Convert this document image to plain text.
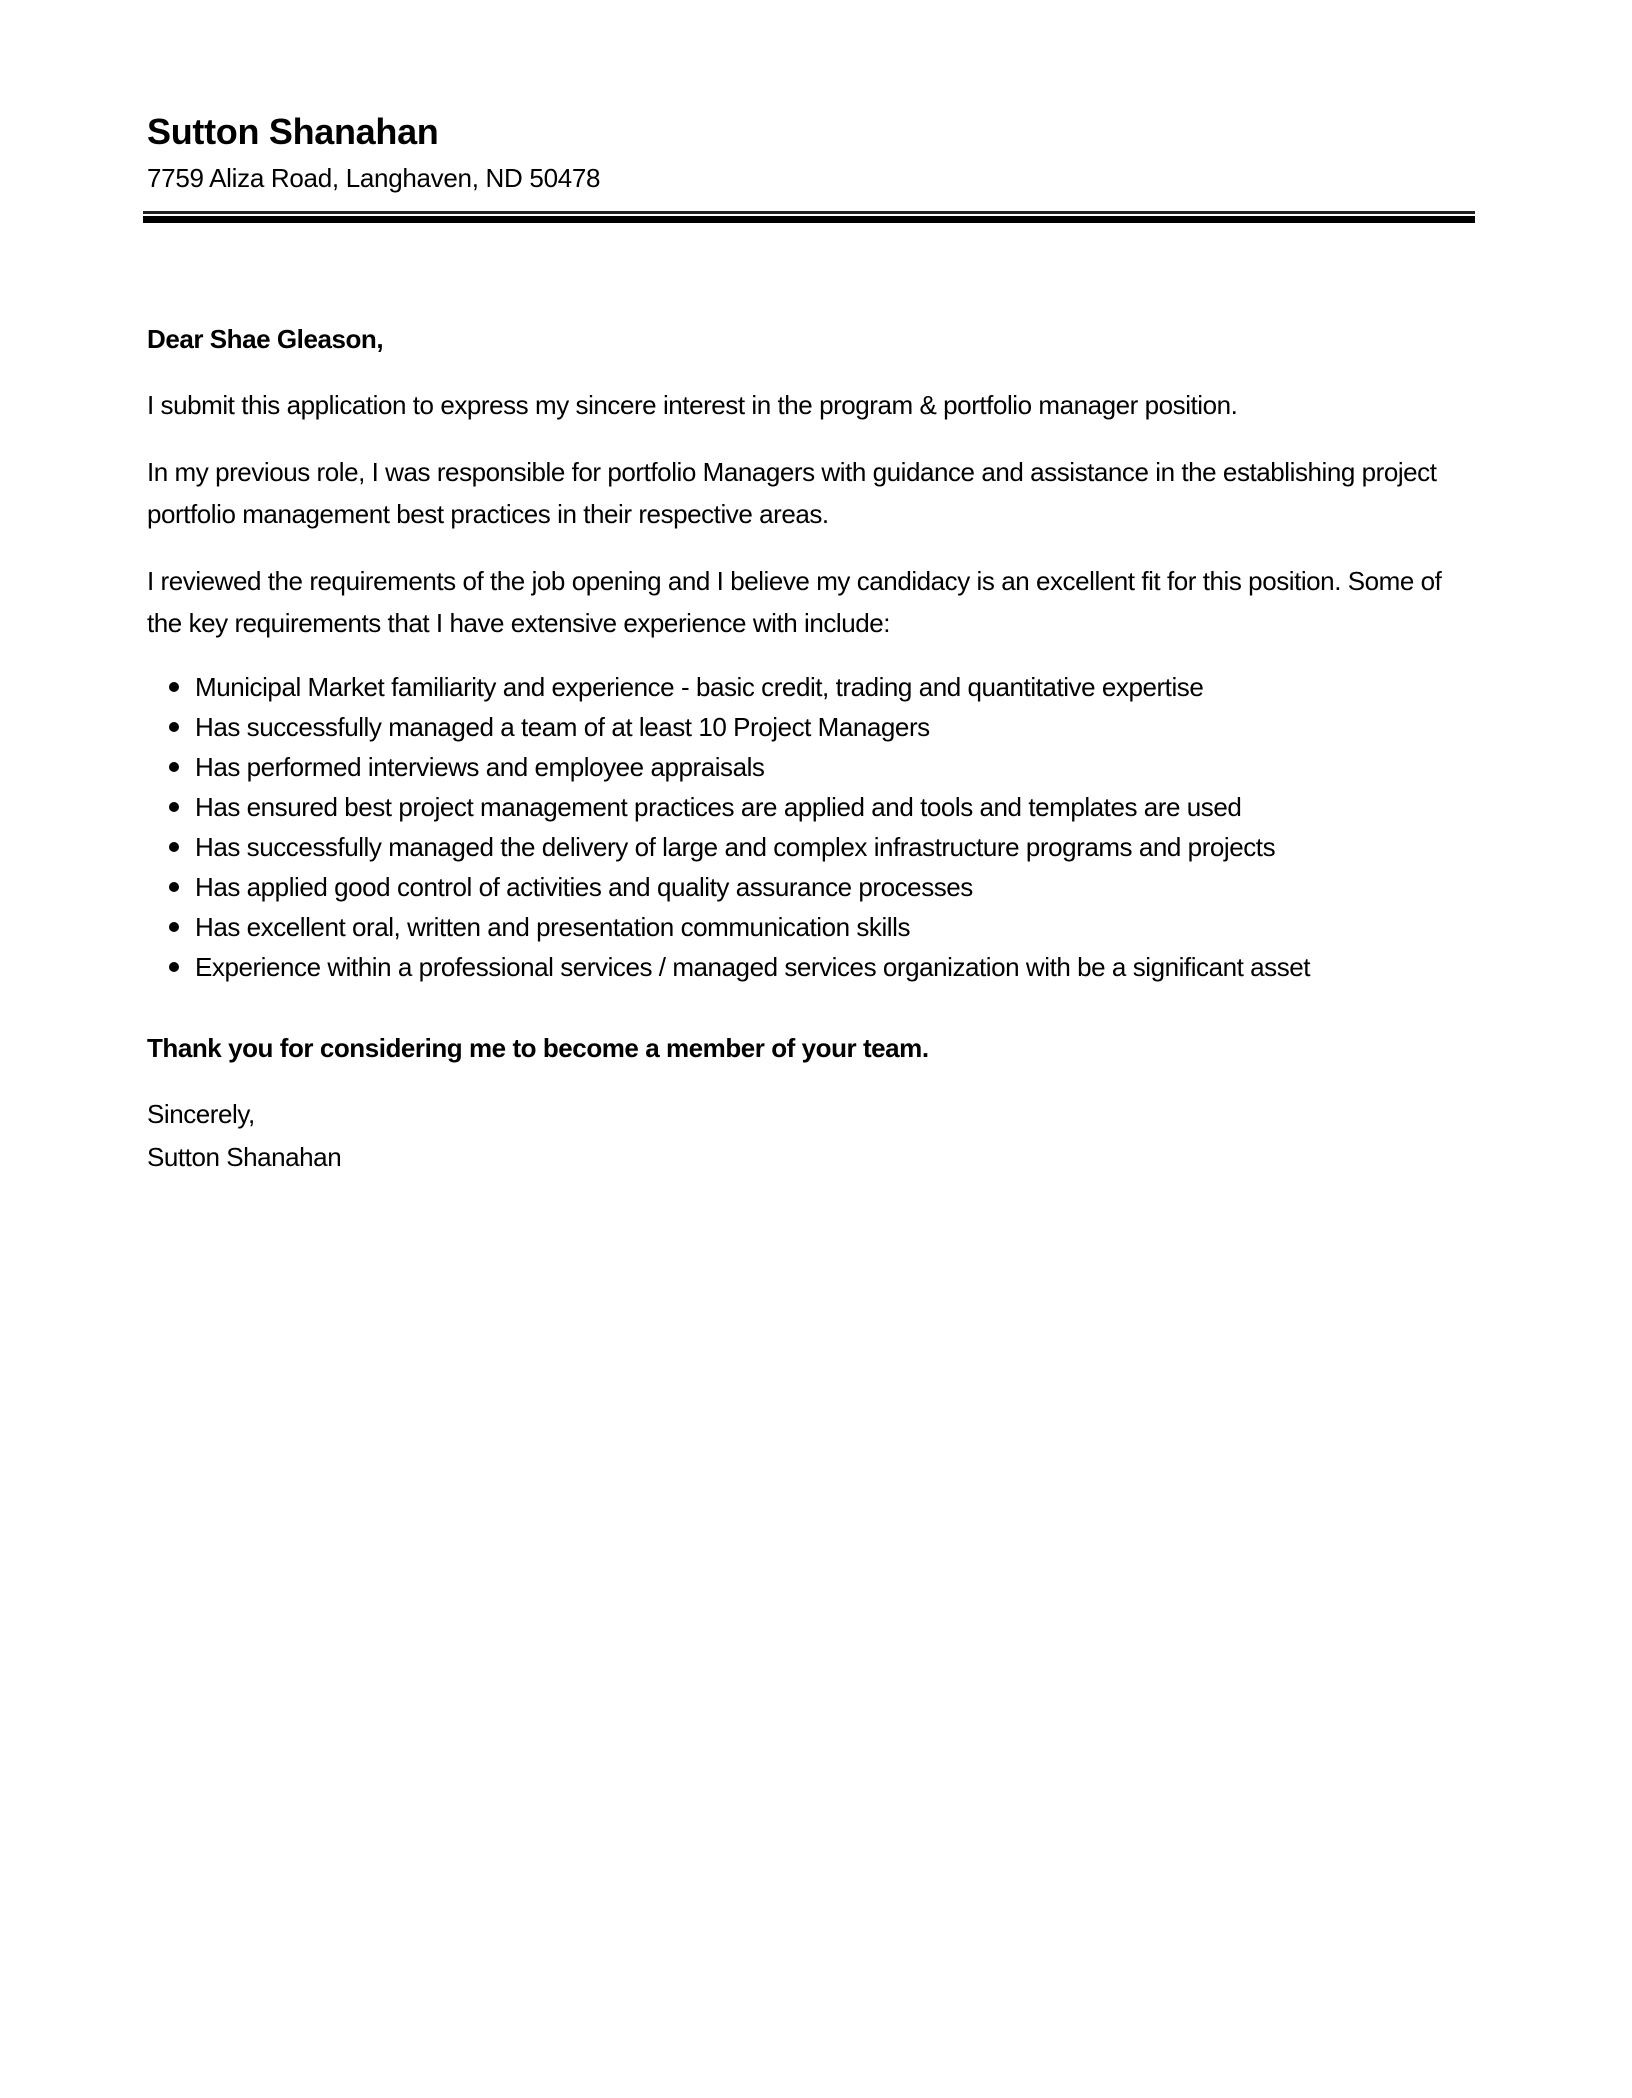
Sutton Shanahan
7759 Aliza Road, Langhaven, ND 50478
Dear Shae Gleason,
I submit this application to express my sincere interest in the program & portfolio manager position.
In my previous role, I was responsible for portfolio Managers with guidance and assistance in the establishing project portfolio management best practices in their respective areas.
I reviewed the requirements of the job opening and I believe my candidacy is an excellent fit for this position. Some of the key requirements that I have extensive experience with include:
Municipal Market familiarity and experience - basic credit, trading and quantitative expertise
Has successfully managed a team of at least 10 Project Managers
Has performed interviews and employee appraisals
Has ensured best project management practices are applied and tools and templates are used
Has successfully managed the delivery of large and complex infrastructure programs and projects
Has applied good control of activities and quality assurance processes
Has excellent oral, written and presentation communication skills
Experience within a professional services / managed services organization with be a significant asset
Thank you for considering me to become a member of your team.
Sincerely,
Sutton Shanahan
